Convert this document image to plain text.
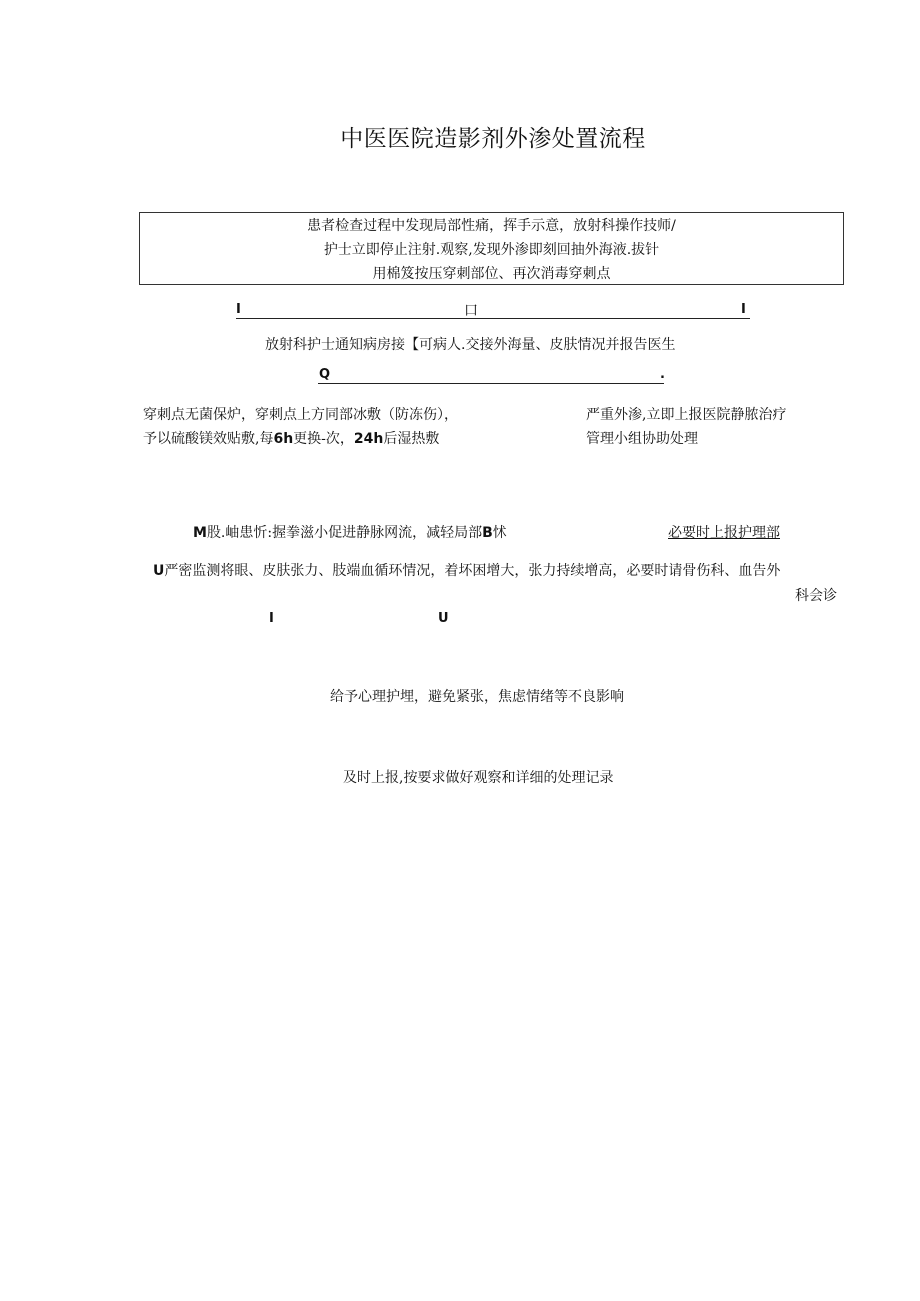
中医医院造影剂外渗处置流程
患者检查过程中发现局部性痛，挥手示意，放射科操作技师/
护士立即停止注射.观察,发现外渗即刻回抽外海液.拔针
用棉笈按压穿刺部位、再次消毒穿刺点
I	口	I
放射科护士通知病房接【可病人.交接外海量、皮肤情况并报告医生
Q	.
穿刺点无菌保炉，穿刺点上方同部冰敷（防冻伤），
予以硫酸镁效贴敷,每6h更换-次，24h后湿热敷
严重外渗,立即上报医院静脓治疗
管理小组协助处理
M股.岫患忻:握拳滋小促进静脉网流，减轻局部B怵	必要时上报护理部
U严密监测将眼、皮肤张力、肢端血循环情况，着坏困增大，张力持续增高，必要时请骨伤科、血告外
科会诊
I	U
给予心理护埋，避免紧张，焦虑情绪等不良影响
及时上报,按要求做好观察和详细的处理记录
